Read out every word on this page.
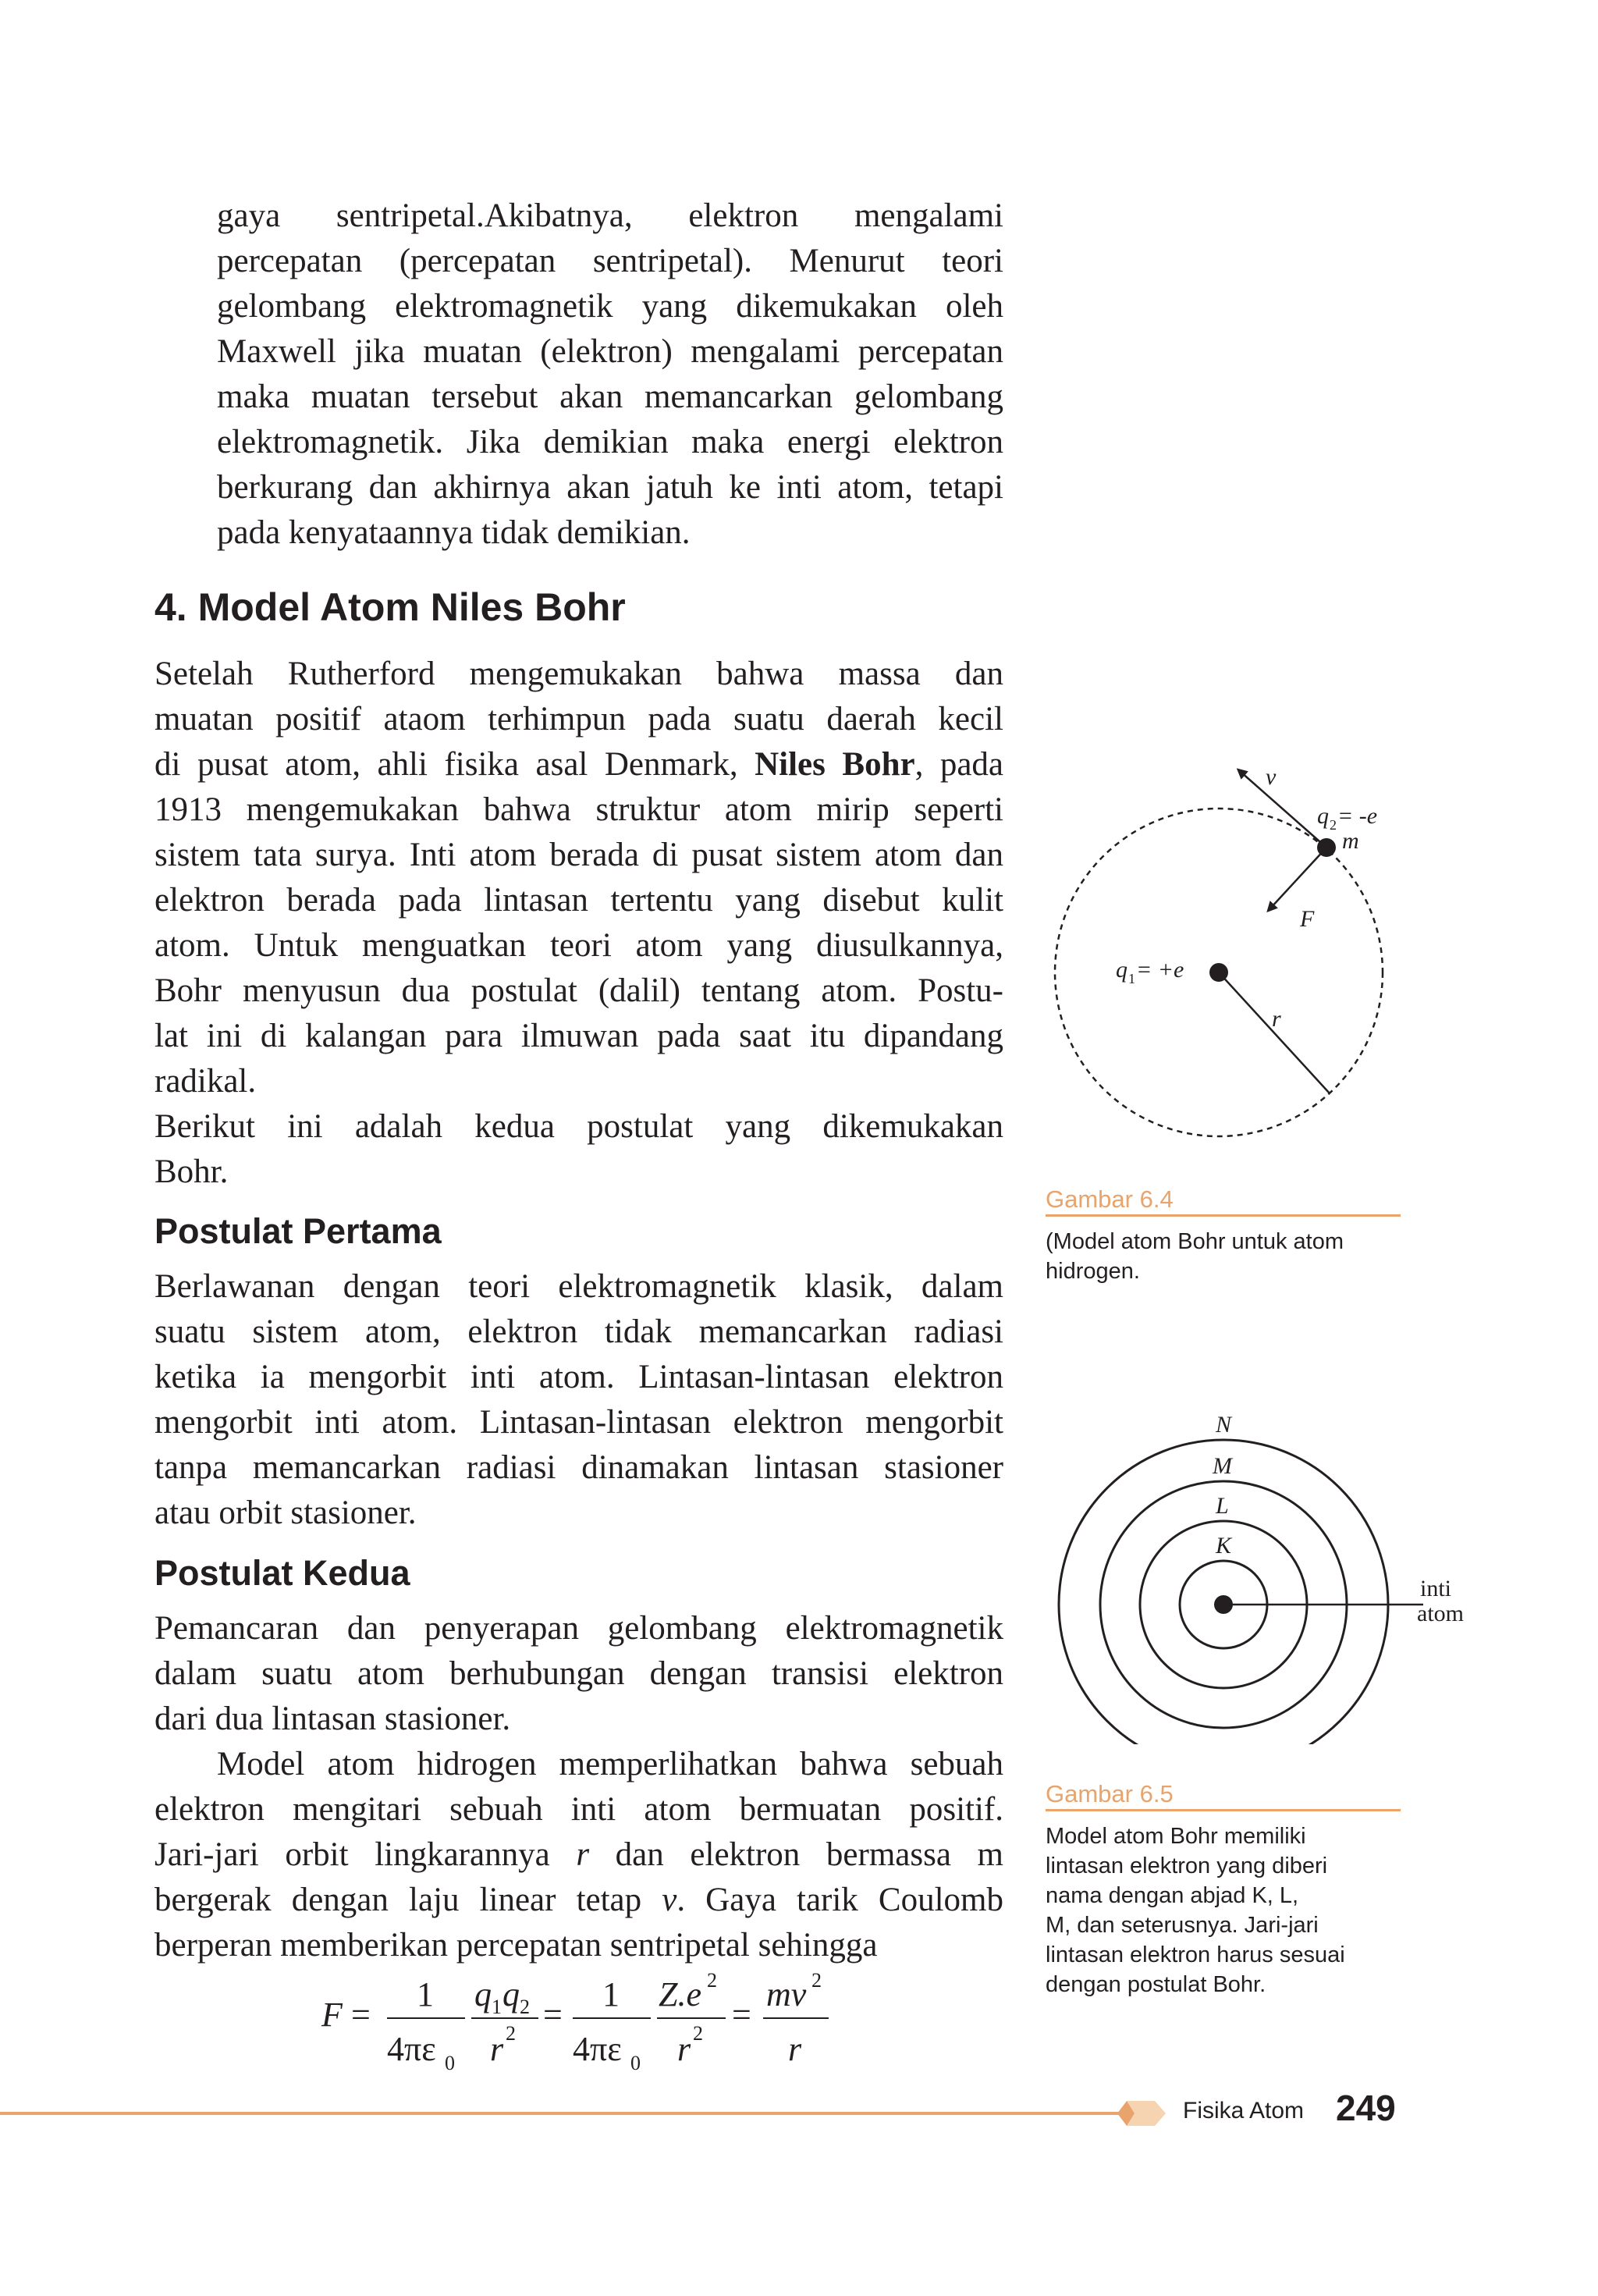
gaya sentripetal.Akibatnya, elektron mengalami
percepatan (percepatan sentripetal). Menurut teori
gelombang elektromagnetik yang dikemukakan oleh
Maxwell jika muatan (elektron) mengalami percepatan
maka muatan tersebut akan memancarkan gelombang
elektromagnetik. Jika demikian maka energi elektron
berkurang dan akhirnya akan jatuh ke inti atom, tetapi
pada kenyataannya tidak demikian.
4. Model Atom Niles Bohr
Setelah Rutherford mengemukakan bahwa massa dan
muatan positif ataom terhimpun pada suatu daerah kecil
di pusat atom, ahli fisika asal Denmark, Niles Bohr, pada
1913 mengemukakan bahwa struktur atom mirip seperti
sistem tata surya. Inti atom berada di pusat sistem atom dan
elektron berada pada lintasan tertentu yang disebut kulit
atom. Untuk menguatkan teori atom yang diusulkannya,
Bohr menyusun dua postulat (dalil) tentang atom. Postu-
lat ini di kalangan para ilmuwan pada saat itu dipandang
radikal.
Berikut ini adalah kedua postulat yang dikemukakan
Bohr.
Postulat Pertama
Berlawanan dengan teori elektromagnetik klasik, dalam
suatu sistem atom, elektron tidak memancarkan radiasi
ketika ia mengorbit inti atom. Lintasan-lintasan elektron
mengorbit inti atom. Lintasan-lintasan elektron mengorbit
tanpa memancarkan radiasi dinamakan lintasan stasioner
atau orbit stasioner.
Postulat Kedua
Pemancaran dan penyerapan gelombang elektromagnetik
dalam suatu atom berhubungan dengan transisi elektron
dari dua lintasan stasioner.
Model atom hidrogen memperlihatkan bahwa sebuah
elektron mengitari sebuah inti atom bermuatan positif.
Jari-jari orbit lingkarannya r dan elektron bermassa m
bergerak dengan laju linear tetap v. Gaya tarik Coulomb
berperan memberikan percepatan sentripetal sehingga
F =
1
4πε 0
q 1 q 2
r 2 =
1
4πε 0
Z.e 2
r 2 =
mv 2
r
v
q 2 = -e
m
F
q 1 = +e
r
Gambar 6.4
(Model atom Bohr untuk atom
hidrogen.
N
M
L
K
inti
atom
Gambar 6.5
Model atom Bohr memiliki
lintasan elektron yang diberi
nama dengan abjad K, L,
M, dan seterusnya. Jari-jari
lintasan elektron harus sesuai
dengan postulat Bohr.
Fisika Atom 249
